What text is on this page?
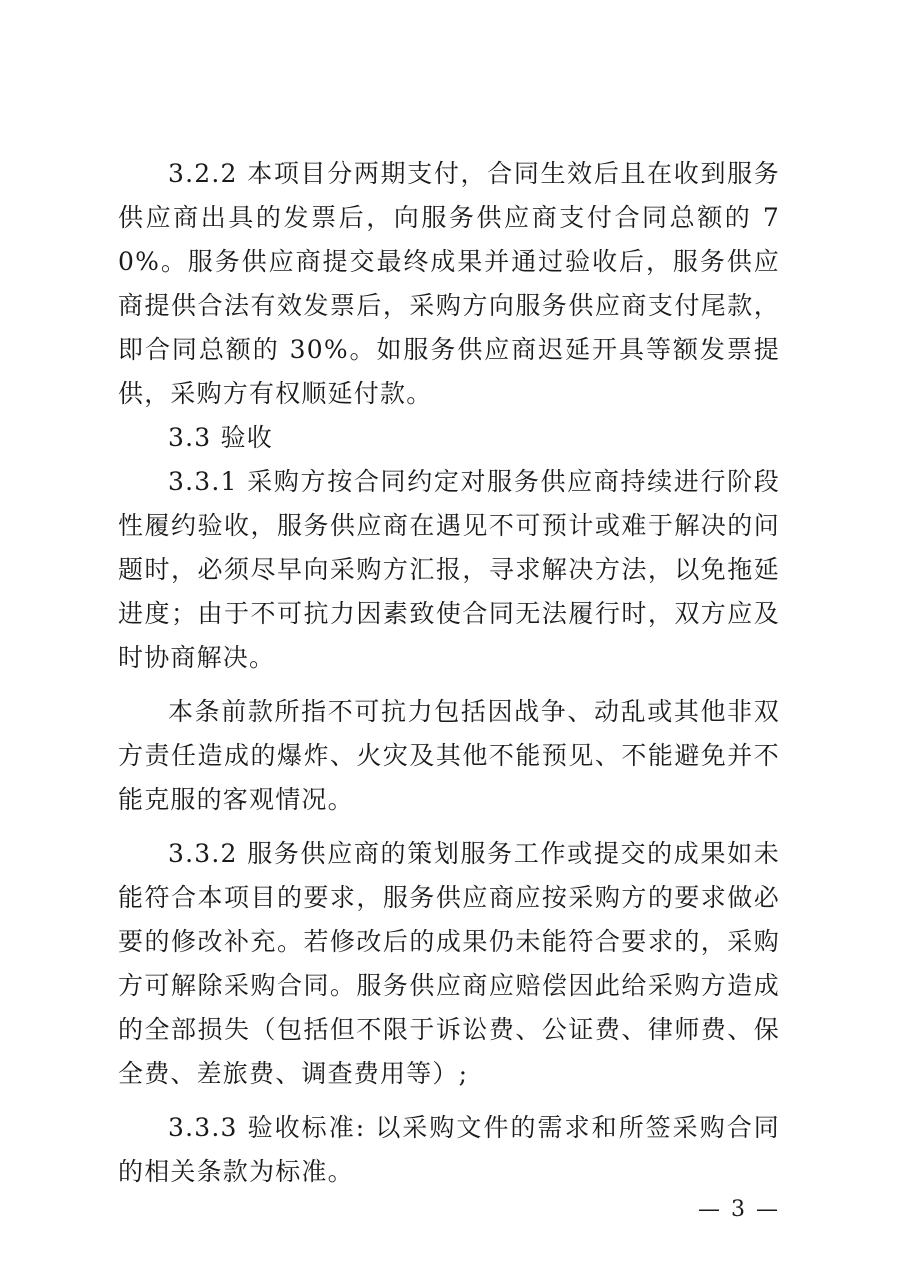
3.2.2 本项目分两期支付，合同生效后且在收到服务供应商出具的发票后，向服务供应商支付合同总额的 70%。服务供应商提交最终成果并通过验收后，服务供应商提供合法有效发票后，采购方向服务供应商支付尾款，即合同总额的 30%。如服务供应商迟延开具等额发票提供，采购方有权顺延付款。

3.3 验收

3.3.1 采购方按合同约定对服务供应商持续进行阶段性履约验收，服务供应商在遇见不可预计或难于解决的问题时，必须尽早向采购方汇报，寻求解决方法，以免拖延进度；由于不可抗力因素致使合同无法履行时，双方应及时协商解决。

本条前款所指不可抗力包括因战争、动乱或其他非双方责任造成的爆炸、火灾及其他不能预见、不能避免并不能克服的客观情况。

3.3.2 服务供应商的策划服务工作或提交的成果如未能符合本项目的要求，服务供应商应按采购方的要求做必要的修改补充。若修改后的成果仍未能符合要求的，采购方可解除采购合同。服务供应商应赔偿因此给采购方造成的全部损失（包括但不限于诉讼费、公证费、律师费、保全费、差旅费、调查费用等）;

3.3.3 验收标准: 以采购文件的需求和所签采购合同的相关条款为标准。

— 3 —
